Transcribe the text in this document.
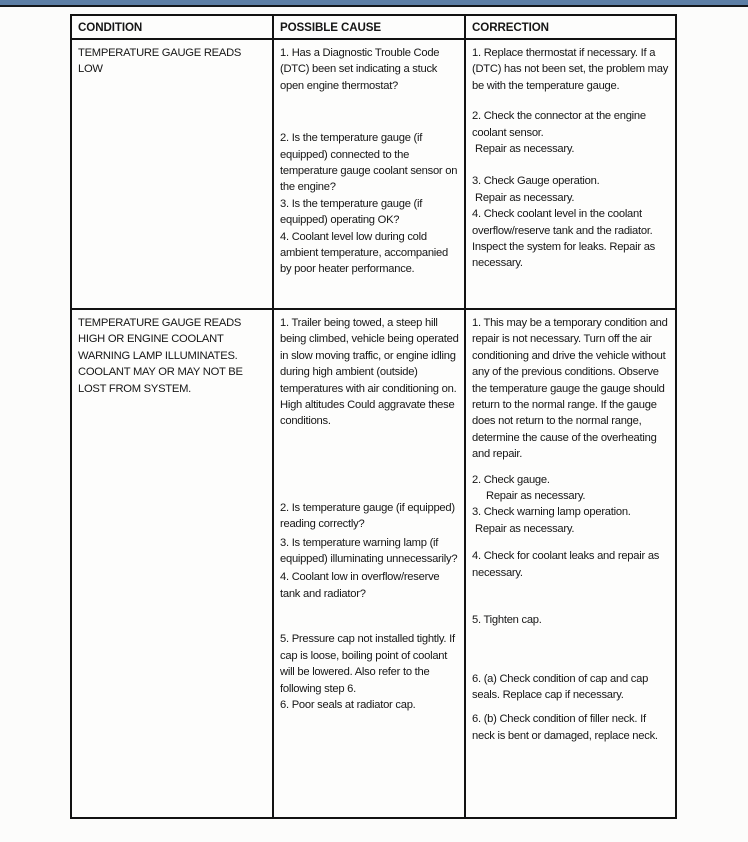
CONDITION	POSSIBLE CAUSE	CORRECTION

TEMPERATURE GAUGE READS LOW

1. Has a Diagnostic Trouble Code (DTC) been set indicating a stuck open engine thermostat?

2. Is the temperature gauge (if equipped) connected to the temperature gauge coolant sensor on the engine?

3. Is the temperature gauge (if equipped) operating OK?

4. Coolant level low during cold ambient temperature, accompanied by poor heater performance.

1. Replace thermostat if necessary. If a (DTC) has not been set, the problem may be with the temperature gauge.

2. Check the connector at the engine coolant sensor.

Repair as necessary.

3. Check Gauge operation.

Repair as necessary.

4. Check coolant level in the coolant overflow/reserve tank and the radiator. Inspect the system for leaks. Repair as necessary.

TEMPERATURE GAUGE READS HIGH OR ENGINE COOLANT WARNING LAMP ILLUMINATES. COOLANT MAY OR MAY NOT BE LOST FROM SYSTEM.

1. Trailer being towed, a steep hill being climbed, vehicle being operated in slow moving traffic, or engine idling during high ambient (outside) temperatures with air conditioning on. High altitudes Could aggravate these conditions.

2. Is temperature gauge (if equipped) reading correctly?

3. Is temperature warning lamp (if equipped) illuminating unnecessarily?

4. Coolant low in overflow/reserve tank and radiator?

5. Pressure cap not installed tightly. If cap is loose, boiling point of coolant will be lowered. Also refer to the following step 6.

6. Poor seals at radiator cap.

1. This may be a temporary condition and repair is not necessary. Turn off the air conditioning and drive the vehicle without any of the previous conditions. Observe the temperature gauge the gauge should return to the normal range. If the gauge does not return to the normal range, determine the cause of the overheating and repair.

2. Check gauge.

Repair as necessary.

3. Check warning lamp operation.

Repair as necessary.

4. Check for coolant leaks and repair as necessary.

5. Tighten cap.

6. (a) Check condition of cap and cap seals. Replace cap if necessary.

6. (b) Check condition of filler neck. If neck is bent or damaged, replace neck.
